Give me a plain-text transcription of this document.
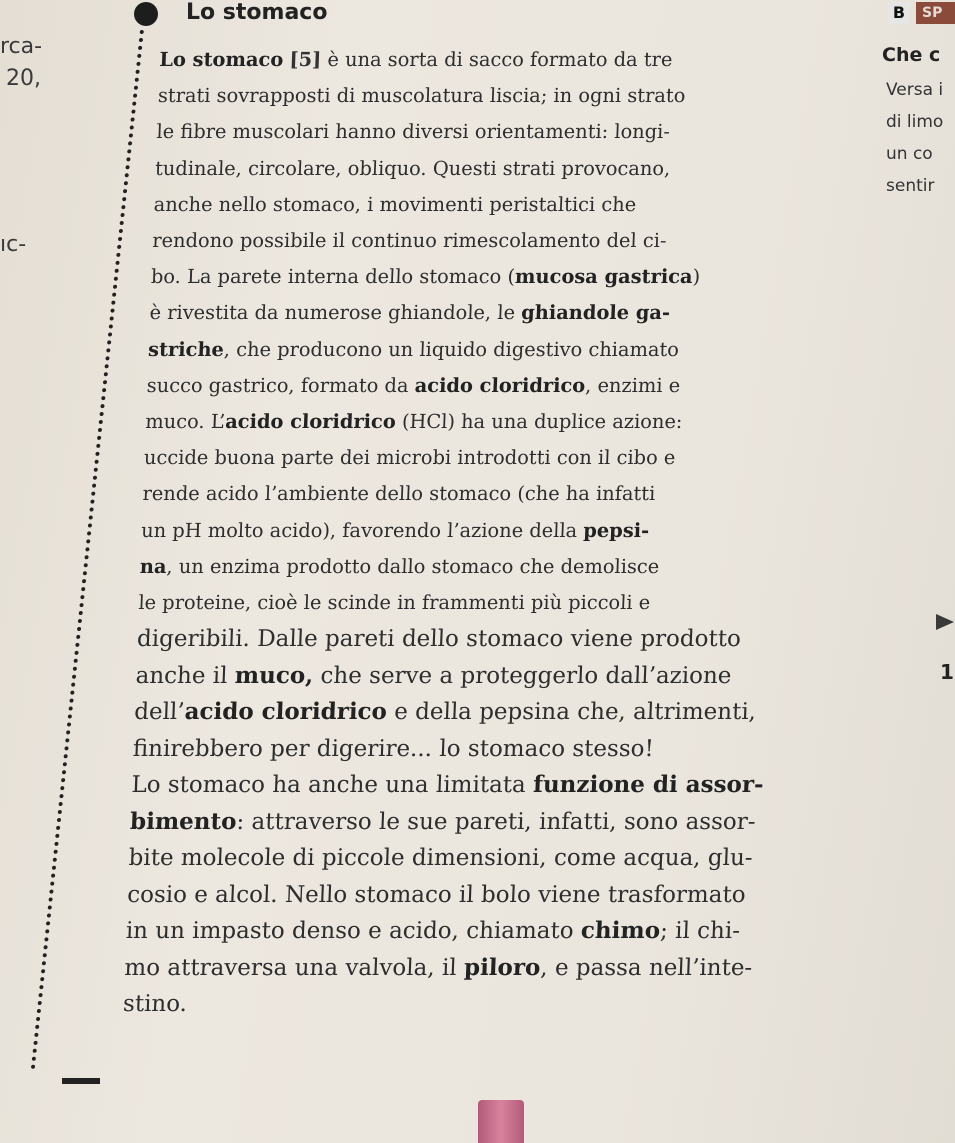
rca-
20,
ıc-
Lo stomaco
Lo stomaco [5] è una sorta di sacco formato da tre
strati sovrapposti di muscolatura liscia; in ogni strato
le fibre muscolari hanno diversi orientamenti: longi-
tudinale, circolare, obliquo. Questi strati provocano,
anche nello stomaco, i movimenti peristaltici che
rendono possibile il continuo rimescolamento del ci-
bo. La parete interna dello stomaco (mucosa gastrica)
è rivestita da numerose ghiandole, le ghiandole ga-
striche, che producono un liquido digestivo chiamato
succo gastrico, formato da acido cloridrico, enzimi e
muco. L’acido cloridrico (HCl) ha una duplice azione:
uccide buona parte dei microbi introdotti con il cibo e
rende acido l’ambiente dello stomaco (che ha infatti
un pH molto acido), favorendo l’azione della pepsi-
na, un enzima prodotto dallo stomaco che demolisce
le proteine, cioè le scinde in frammenti più piccoli e
digeribili. Dalle pareti dello stomaco viene prodotto
anche il muco, che serve a proteggerlo dall’azione
dell’acido cloridrico e della pepsina che, altrimenti,
finirebbero per digerire... lo stomaco stesso!
Lo stomaco ha anche una limitata funzione di assor-
bimento: attraverso le sue pareti, infatti, sono assor-
bite molecole di piccole dimensioni, come acqua, glu-
cosio e alcol. Nello stomaco il bolo viene trasformato
in un impasto denso e acido, chiamato chimo; il chi-
mo attraversa una valvola, il piloro, e passa nell’inte-
stino.
B	SP
Che c
Versa i
di limo
un co
sentir
1
